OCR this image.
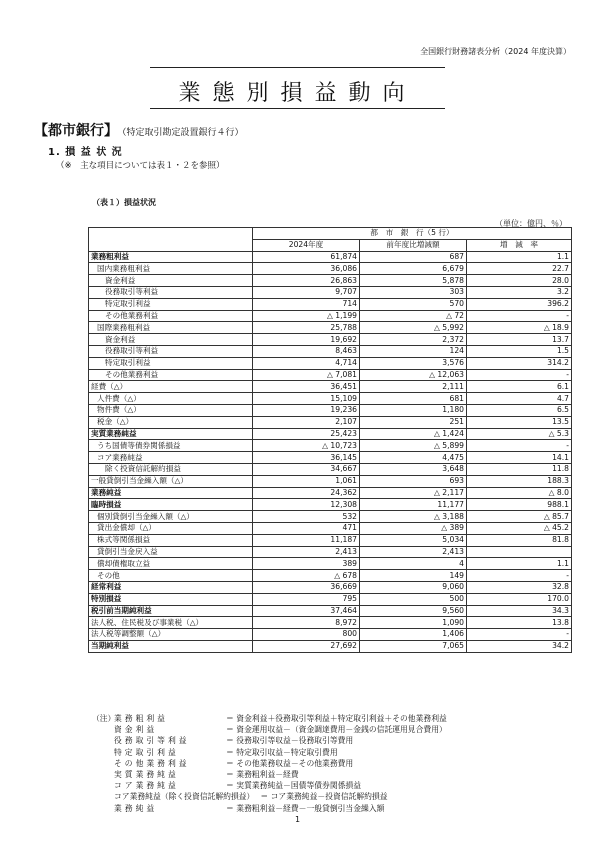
全国銀行財務諸表分析（2024 年度決算）
業態別損益動向
【都市銀行】 （特定取引勘定設置銀行４行）
1. 損 益 状 況
（※　主な項目については表１・２を参照）
（表１）損益状況
（単位：億円、％）
	都　市　銀　行（5 行）		
	2024年度	前年度比増減額	増　減　率
業務粗利益	61,874	687	1.1
国内業務粗利益	36,086	6,679	22.7
資金利益	26,863	5,878	28.0
役務取引等利益	9,707	303	3.2
特定取引利益	714	570	396.2
その他業務利益	△ 1,199	△ 72	-
国際業務粗利益	25,788	△ 5,992	△ 18.9
資金利益	19,692	2,372	13.7
役務取引等利益	8,463	124	1.5
特定取引利益	4,714	3,576	314.2
その他業務利益	△ 7,081	△ 12,063	-
経費（△）	36,451	2,111	6.1
人件費（△）	15,109	681	4.7
物件費（△）	19,236	1,180	6.5
税金（△）	2,107	251	13.5
実質業務純益	25,423	△ 1,424	△ 5.3
うち国債等債券関係損益	△ 10,723	△ 5,899	-
コア業務純益	36,145	4,475	14.1
除く投資信託解約損益	34,667	3,648	11.8
一般貸倒引当金繰入額（△）	1,061	693	188.3
業務純益	24,362	△ 2,117	△ 8.0
臨時損益	12,308	11,177	988.1
個別貸倒引当金繰入額（△）	532	△ 3,188	△ 85.7
貸出金償却（△）	471	△ 389	△ 45.2
株式等関係損益	11,187	5,034	81.8
貸倒引当金戻入益	2,413	2,413	
償却債権取立益	389	4	1.1
その他	△ 678	149	-
経常利益	36,669	9,060	32.8
特別損益	795	500	170.0
税引前当期純利益	37,464	9,560	34.3
法人税、住民税及び事業税（△）	8,972	1,090	13.8
法人税等調整額（△）	800	1,406	-
当期純利益	27,692	7,065	34.2
（注）業務粗利益	＝ 資金利益＋役務取引等利益＋特定取引利益＋その他業務利益
資金利益	＝ 資金運用収益－（資金調達費用－金銭の信託運用見合費用）
役務取引等利益	＝ 役務取引等収益－役務取引等費用
特定取引利益	＝ 特定取引収益－特定取引費用
その他業務利益	＝ その他業務収益－その他業務費用
実質業務純益	＝ 業務粗利益－経費
コア業務純益	＝ 実質業務純益－国債等債券関係損益
コア業務純益（除く投資信託解約損益） ＝ コア業務純益－投資信託解約損益
業務純益	＝ 業務粗利益－経費－一般貸倒引当金繰入額
1
